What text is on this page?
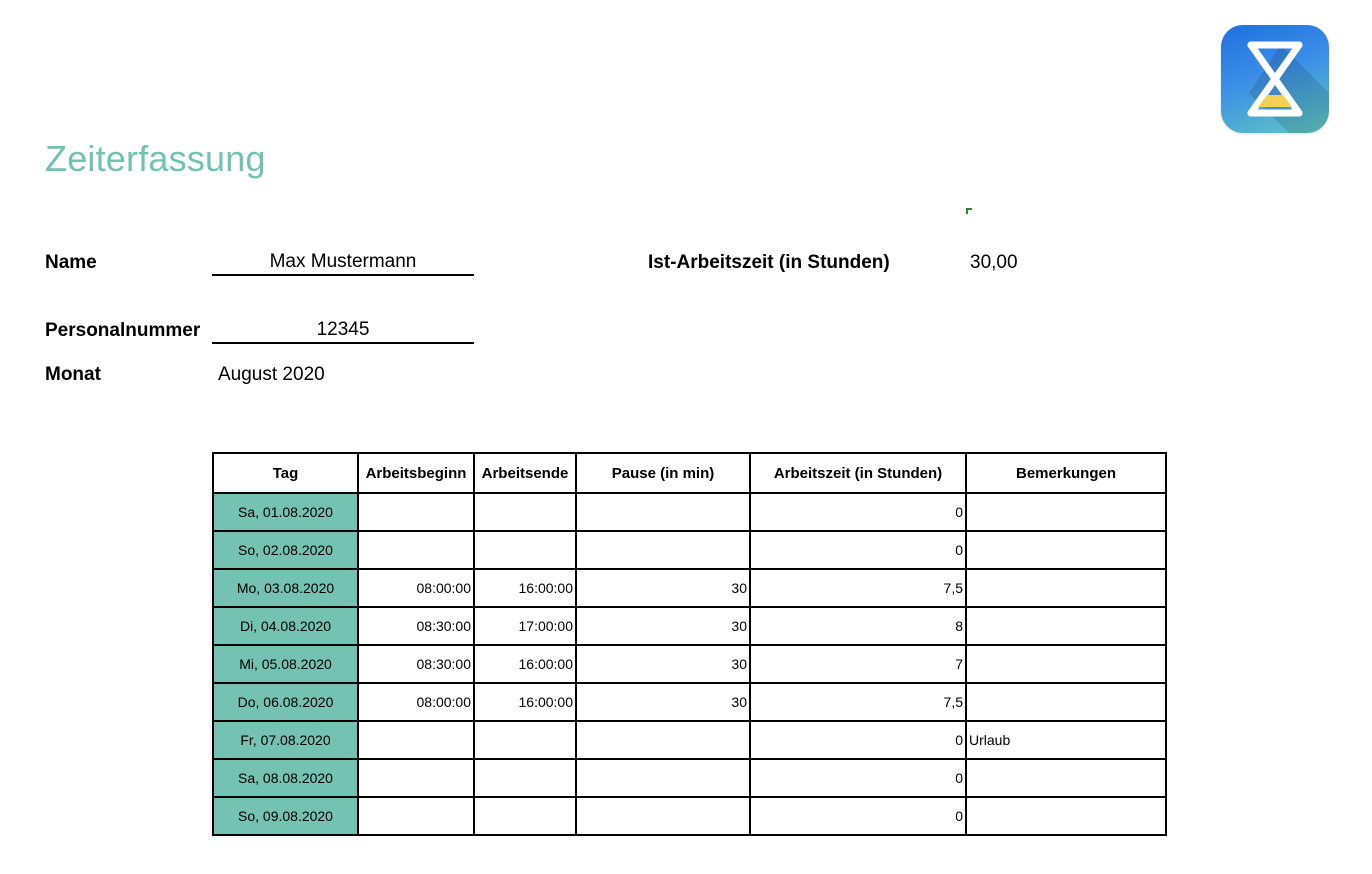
Zeiterfassung
Name	Max Mustermann	Ist-Arbeitszeit (in Stunden)	30,00
Personalnummer	12345
Monat	August 2020
Tag	Arbeitsbeginn	Arbeitsende	Pause (in min)	Arbeitszeit (in Stunden)	Bemerkungen
Sa, 01.08.2020				0	
So, 02.08.2020				0	
Mo, 03.08.2020	08:00:00	16:00:00	30	7,5	
Di, 04.08.2020	08:30:00	17:00:00	30	8	
Mi, 05.08.2020	08:30:00	16:00:00	30	7	
Do, 06.08.2020	08:00:00	16:00:00	30	7,5	
Fr, 07.08.2020				0	Urlaub
Sa, 08.08.2020				0	
So, 09.08.2020				0	
